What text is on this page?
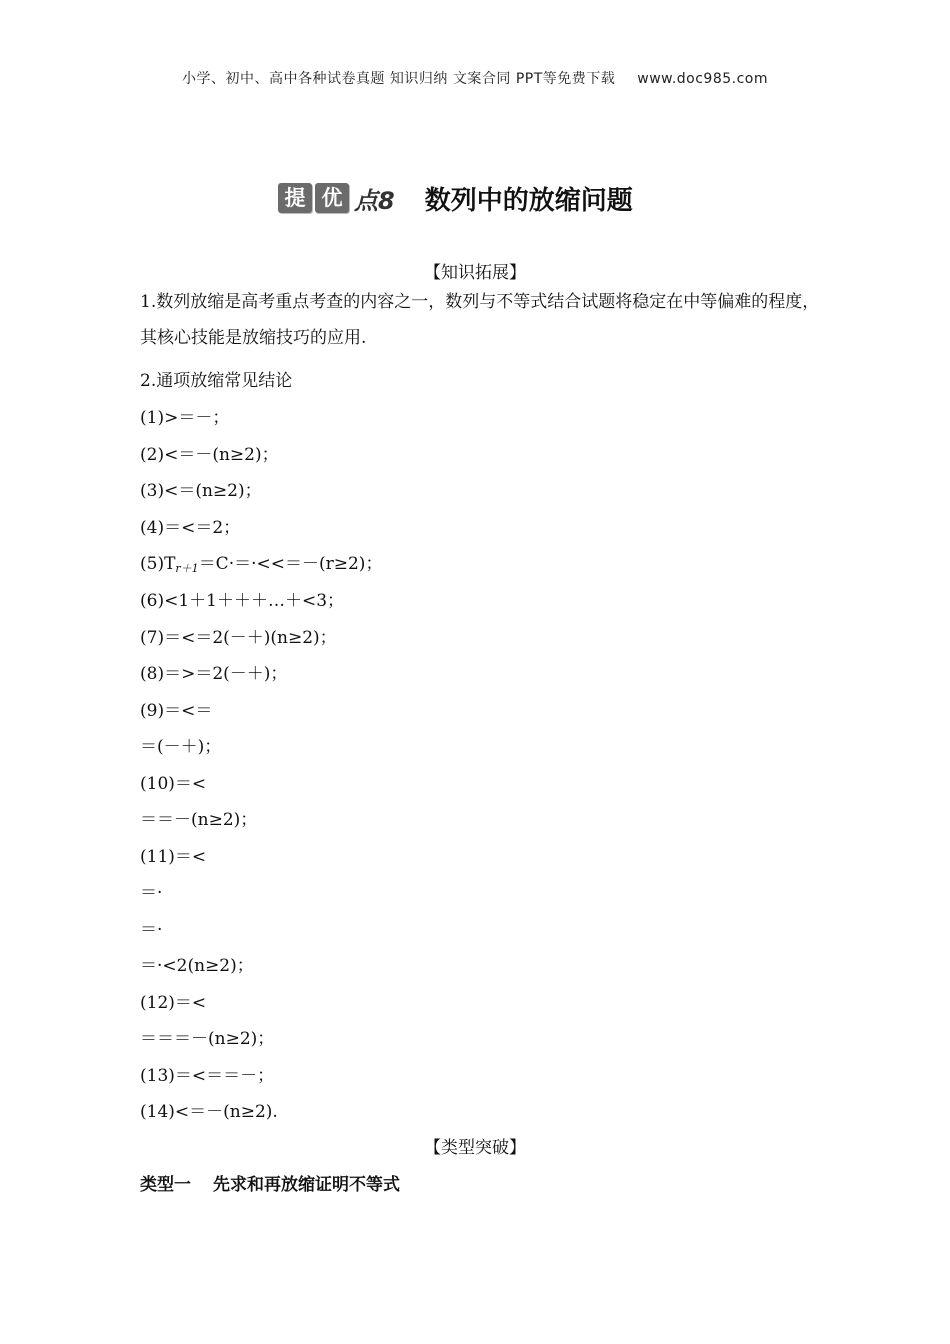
小学、初中、高中各种试卷真题 知识归纳 文案合同 PPT等免费下载 www.doc985.com
提 优 点8 数列中的放缩问题
【知识拓展】
1.数列放缩是高考重点考查的内容之一，数列与不等式结合试题将稳定在中等偏难的程度，其核心技能是放缩技巧的应用.
2.通项放缩常见结论
(1)>＝－；
(2)<＝－(n≥2)；
(3)<＝(n≥2)；
(4)＝<＝2；
$(5)T_{r+1}=C\cdot=\cdot<<=-(r\ge 2)$；
(6)<1＋1＋＋＋…＋<3；
(7)＝<＝2(－＋)(n≥2)；
(8)＝>＝2(－＋)；
(9)＝<＝
＝(－＋)；
(10)＝<
＝＝－(n≥2)；
(11)＝<
＝·
＝·
＝·<2(n≥2)；
(12)＝<
＝＝＝－(n≥2)；
(13)＝<＝＝－；
(14)<＝－(n≥2).
【类型突破】
类型一 先求和再放缩证明不等式
